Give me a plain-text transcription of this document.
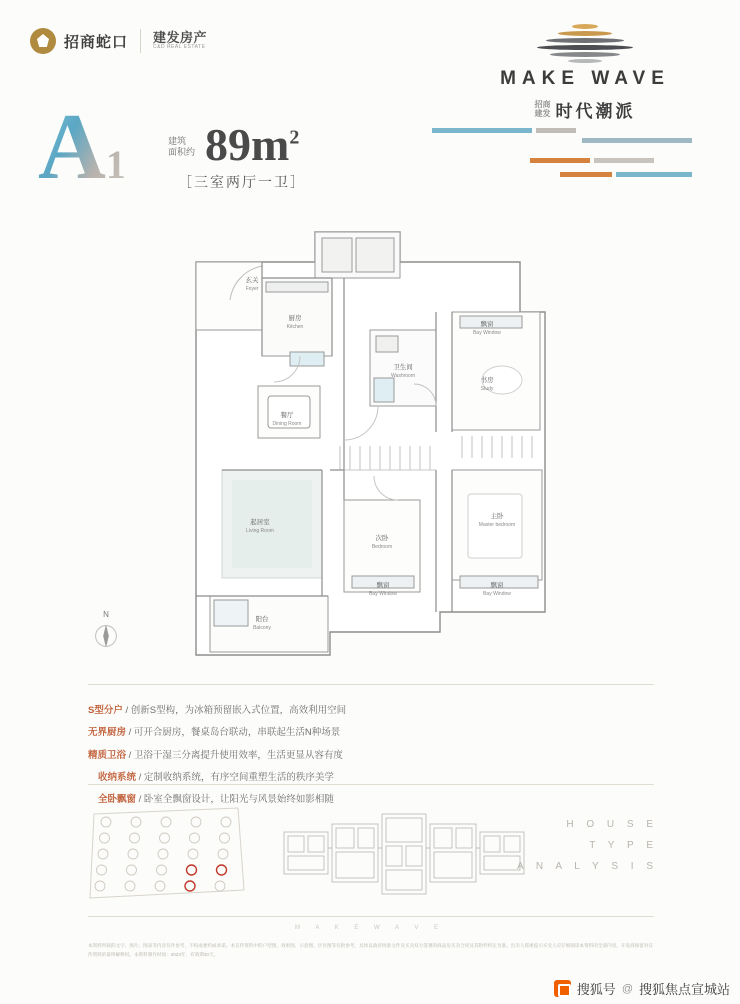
招商蛇口 建发房产
C&D REAL ESTATE
MAKE WAVE
招商
建发 时代潮派
A1
建筑
面积约 $89m^2$
［三室两厅一卫］
玄关
Foyer
厨房
Kitchen
餐厅
Dining Room
起居室
Living Room
阳台
Balcony
卫生间
Washroom
次卧
Bedroom
飘窗
Bay Window
飘窗
Bay Window
书房
Study
主卧
Master bedroom
飘窗
Bay Window
N
S型分户 / 创新S型构，为冰箱预留嵌入式位置，高效利用空间
无界厨房 / 可开合厨房，餐桌岛台联动，串联起生活N种场景
精质卫浴 / 卫浴干湿三分离提升使用效率，生活更显从容有度

收纳系统 / 定制收纳系统，有序空间重塑生活的秩序美学
全卧飘窗 / 卧室全飘窗设计，让阳光与风景始终如影相随
H O U S E
T Y P E
A N A L Y S I S
M A K E W A V E
本资料所载的文字、图片、图表等内容仅作参考，不构成要约或承诺。本宣传资料中的户型图、效果图、示意图、区位图等仅供参考，具体以政府批准文件及买卖双方签署的商品房买卖合同及其附件约定为准。出卖人郑重提示买受人应仔细阅读本资料的全部内容，开发商保留对宣传资料的最终解释权。本资料制作时间：2023年，有效期30天。
搜狐号 @ 搜狐焦点宣城站
